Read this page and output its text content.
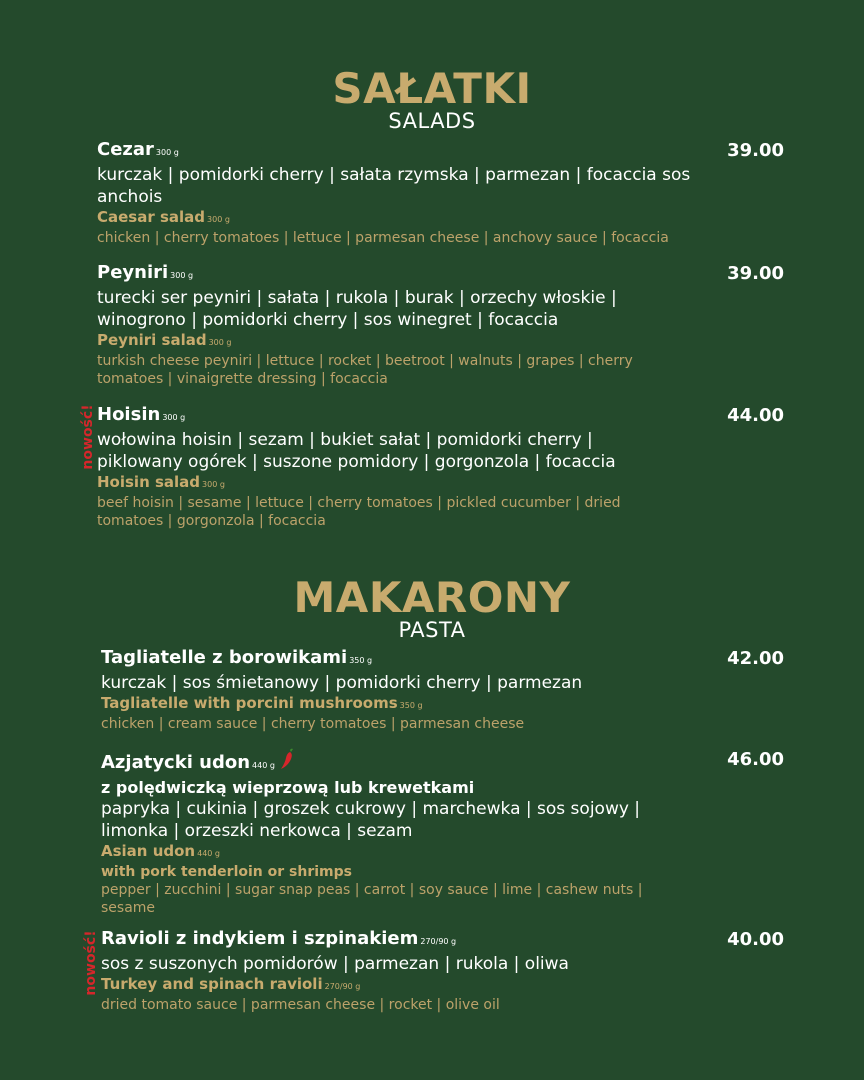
SAŁATKI
SALADS
Cezar 300 g
kurczak | pomidorki cherry | sałata rzymska | parmezan | focaccia sos anchois
Caesar salad 300 g
chicken | cherry tomatoes | lettuce | parmesan cheese | anchovy sauce | focaccia
39.00
Peyniri 300 g
turecki ser peyniri | sałata | rukola | burak | orzechy włoskie | winogrono | pomidorki cherry | sos winegret | focaccia
Peyniri salad 300 g
turkish cheese peyniri | lettuce | rocket | beetroot | walnuts | grapes | cherry tomatoes | vinaigrette dressing | focaccia
39.00
nowość! Hoisin 300 g
wołowina hoisin | sezam | bukiet sałat | pomidorki cherry | piklowany ogórek | suszone pomidory | gorgonzola | focaccia
Hoisin salad 300 g
beef hoisin | sesame | lettuce | cherry tomatoes | pickled cucumber | dried tomatoes | gorgonzola | focaccia
44.00
MAKARONY
PASTA
Tagliatelle z borowikami 350 g
kurczak | sos śmietanowy | pomidorki cherry | parmezan
Tagliatelle with porcini mushrooms 350 g
chicken | cream sauce | cherry tomatoes | parmesan cheese
42.00
Azjatycki udon 440 g
z polędwiczką wieprzową lub krewetkami
papryka | cukinia | groszek cukrowy | marchewka | sos sojowy | limonka | orzeszki nerkowca | sezam
Asian udon 440 g
with pork tenderloin or shrimps
pepper | zucchini | sugar snap peas | carrot | soy sauce | lime | cashew nuts | sesame
46.00
nowość! Ravioli z indykiem i szpinakiem 270/90 g
sos z suszonych pomidorów | parmezan | rukola | oliwa
Turkey and spinach ravioli 270/90 g
dried tomato sauce | parmesan cheese | rocket | olive oil
40.00
